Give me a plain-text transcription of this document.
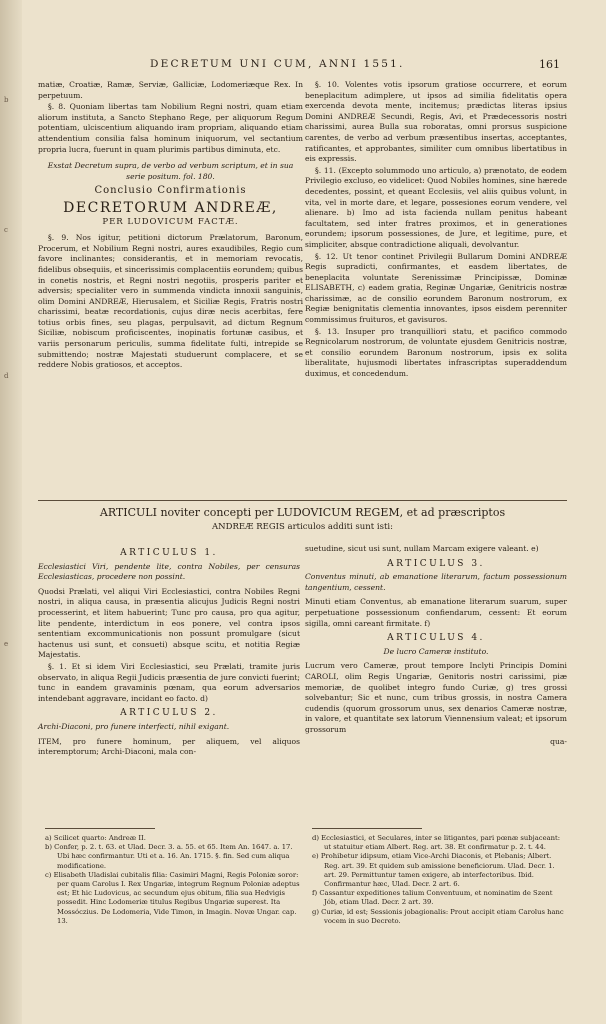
b
c
d
e
DECRETUM UNI CUM, ANNI 1551.	161

matiæ, Croatiæ, Ramæ, Serviæ, Galliciæ, Lodomeriæque Rex. In perpetuum.

§. 8. Quoniam libertas tam Nobilium Regni nostri, quam etiam aliorum instituta, a Sancto Stephano Rege, per aliquorum Regum potentiam, ulciscentium aliquando iram propriam, aliquando etiam attendentium consilia falsa hominum iniquorum, vel sectantium propria lucra, fuerunt in quam plurimis partibus diminuta, etc.

Exstat Decretum supra, de verbo ad verbum scriptum, et in sua serie positum. fol. 180.

Conclusio Confirmationis
DECRETORUM ANDREÆ,
PER LUDOVICUM FACTÆ.

§. 9. Nos igitur, petitioni dictorum Prælatorum, Baronum, Procerum, et Nobilium Regni nostri, aures exaudibiles, Regio cum favore inclinantes; considerantis, et in memoriam revocatis, fidelibus obsequiis, et sincerissimis complacentiis eorundem; quibus in conetis nostris, et Regni nostri negotiis, prosperis pariter et adversis; specialiter vero in summenda vindicta innoxii sanguinis, olim Domini ANDREÆ, Hierusalem, et Siciliæ Regis, Fratris nostri charissimi, beatæ recordationis, cujus diræ necis acerbitas, fere totius orbis fines, seu plagas, perpulsavit, ad dictum Regnum Siciliæ, nobiscum proficiscentes, inopinatis fortunæ casibus, et variis personarum periculis, summa fidelitate fulti, intrepide se submittendo; nostræ Majestati studuerunt complacere, et se reddere Nobis gratiosos, et acceptos.

§. 10. Volentes votis ipsorum gratiose occurrere, et eorum beneplacitum adimplere, ut ipsos ad similia fidelitatis opera exercenda devota mente, incitemus; prædictas literas ipsius Domini ANDREÆ Secundi, Regis, Avi, et Prædecessoris nostri charissimi, aurea Bulla sua roboratas, omni prorsus suspicione carentes, de verbo ad verbum præsentibus insertas, acceptantes, ratificantes, et approbantes, similiter cum omnibus libertatibus in eis expressis.

§. 11. (Excepto solummodo uno articulo, a) prænotato, de eodem Privilegio excluso, eo videlicet: Quod Nobiles homines, sine hærede decedentes, possint, et queant Ecclesiis, vel aliis quibus volunt, in vita, vel in morte dare, et legare, possesiones eorum vendere, vel alienare. b) Imo ad ista facienda nullam penitus habeant facultatem, sed inter fratres proximos, et in generationes eorundem; ipsorum possessiones, de Jure, et legitime, pure, et simpliciter, absque contradictione aliquali, devolvantur.

§. 12. Ut tenor continet Privilegii Bullarum Domini ANDREÆ Regis supradicti, confirmantes, et easdem libertates, de beneplacita voluntate Serenissimæ Principissæ, Dominæ ELISABETH, c) eadem gratia, Reginæ Ungariæ, Genitricis nostræ charissimæ, ac de consilio eorundem Baronum nostrorum, ex Regiæ benignitatis clementia innovantes, ipsos eisdem perenniter commissimus fruituros, et gavisuros.

§. 13. Insuper pro tranquilliori statu, et pacifico commodo Regnicolarum nostrorum, de voluntate ejusdem Genitricis nostræ, et consilio eorundem Baronum nostrorum, ipsis ex solita liberalitate, hujusmodi libertates infrascriptas superaddendum duximus, et concedendum.

ARTICULI noviter concepti per LUDOVICUM REGEM, et ad præscriptos
ANDREÆ REGIS articulos additi sunt isti:
ARTICULUS 1.

Ecclesiastici Viri, pendente lite, contra Nobiles, per censuras Ecclesiasticas, procedere non possint.

Quodsi Prælati, vel aliqui Viri Ecclesiastici, contra Nobiles Regni nostri, in aliqua causa, in præsentia alicujus Judicis Regni nostri processerint, et litem habuerint; Tunc pro causa, pro qua agitur, lite pendente, interdictum in eos ponere, vel contra ipsos sententiam excommunicationis non possunt promulgare (sicut hactenus usi sunt, et consueti) absque scitu, et notitia Regiæ Majestatis.

§. 1. Et si idem Viri Ecclesiastici, seu Prælati, tramite juris observato, in aliqua Regii Judicis præsentia de jure convicti fuerint; tunc in eandem gravaminis pœnam, qua eorum adversarios intendebant aggravare, incidant eo facto. d)

ARTICULUS 2.

Archi-Diaconi, pro funere interfecti, nihil exigant.

ITEM, pro funere hominum, per aliquem, vel aliquos interemptorum; Archi-Diaconi, mala con-

suetudine, sicut usi sunt, nullam Marcam exigere valeant. e)

ARTICULUS 3.

Conventus minuti, ab emanatione literarum, factum possessionum tangentium, cessent.

Minuti etiam Conventus, ab emanatione literarum suarum, super perpetuatione possessionum confiendarum, cessent: Et eorum sigilla, omni careant firmitate. f)

ARTICULUS 4.

De lucro Cameræ instituto.

Lucrum vero Cameræ, prout tempore Inclyti Principis Domini CAROLI, olim Regis Ungariæ, Genitoris nostri carissimi, piæ memoriæ, de quolibet integro fundo Curiæ, g) tres grossi solvebantur; Sic et nunc, cum tribus grossis, in nostra Camera cudendis (quorum grossorum unus, sex denarios Cameræ nostræ, in valore, et quantitate sex latorum Viennensium valeat; et ipsorum grossorum

qua-

a) Scilicet quarto: Andreæ II.

b) Confer, p. 2. t. 63. et Ulad. Decr. 3. a. 55. et 65. Item An. 1647. a. 17. Ubi hæc confirmantur. Uti et a. 16. An. 1715. §. fin. Sed cum aliqua modificatione.

c) Elisabeth Uladislai cubitalis filia: Casimiri Magni, Regis Poloniæ soror: per quam Carolus I. Rex Ungariæ, integrum Regnum Poloniæ adeptus est; Et hic Ludovicus, ac secundum ejus obitum, filia sua Hedvigis possedit. Hinc Lodomeriæ titulus Regibus Ungariæ superest. Ita Mossóczius. De Lodomeria, Vide Timon, in Imagin. Novæ Ungar. cap. 13.

d) Ecclesiastici, et Seculares, inter se litigantes, pari pœnæ subjaceant: ut statuitur etiam Albert. Reg. art. 38. Et confirmatur p. 2. t. 44.

e) Prohibetur idipsum, etiam Vice-Archi Diaconis, et Plebanis; Albert. Reg. art. 39. Et quidem sub amissione beneficiorum. Ulad. Decr. 1. art. 29. Permittuntur tamen exigere, ab interfectoribus. Ibid. Confirmantur hæc, Ulad. Decr. 2 art. 6.

f) Cassantur expeditiones talium Conventuum, et nominatim de Szent Jób, etiam Ulad. Decr. 2 art. 39.

g) Curiæ, id est; Sessionis jobagionalis: Prout accipit etiam Carolus hanc vocem in suo Decreto.
